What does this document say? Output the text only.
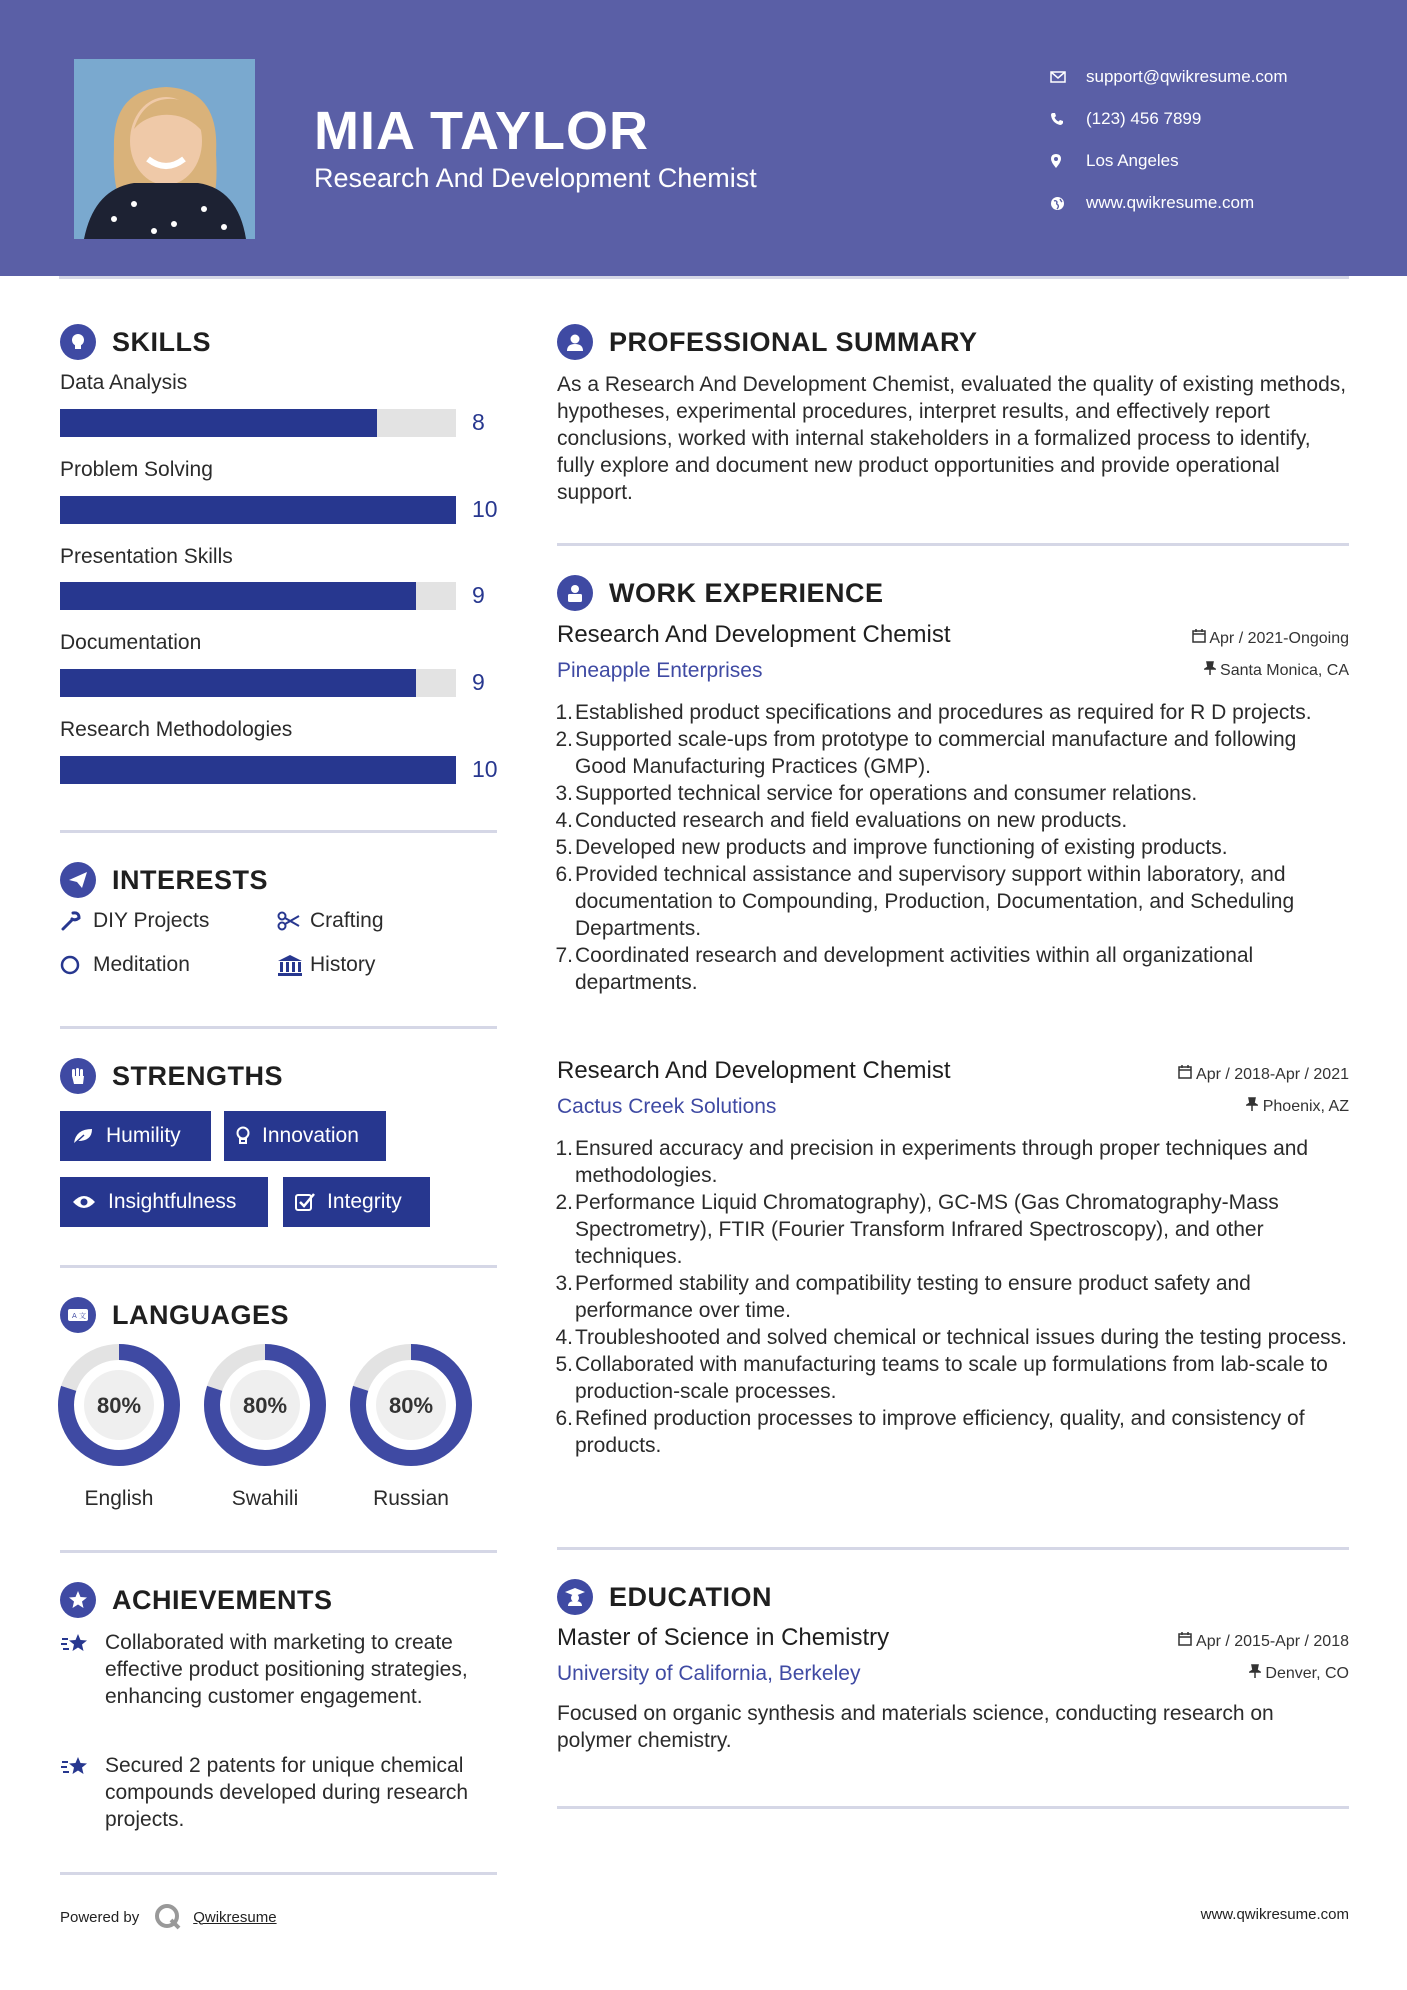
MIA TAYLOR
Research And Development Chemist
support@qwikresume.com
(123) 456 7899
Los Angeles
www.qwikresume.com
SKILLS
Data Analysis
8
Problem Solving
10
Presentation Skills
9
Documentation
9
Research Methodologies
10
INTERESTS
DIY Projects	Crafting
Meditation	History
STRENGTHS
Humility	Innovation
Insightfulness	Integrity
A 文 LANGUAGES
80%
English
80%
Swahili
80%
Russian
ACHIEVEMENTS
Collaborated with marketing to create effective product positioning strategies, enhancing customer engagement.
Secured 2 patents for unique chemical compounds developed during research projects.
PROFESSIONAL SUMMARY
As a Research And Development Chemist, evaluated the quality of existing methods, hypotheses, experimental procedures, interpret results, and effectively report conclusions, worked with internal stakeholders in a formalized process to identify, fully explore and document new product opportunities and provide operational support.
WORK EXPERIENCE
Apr / 2021-Ongoing
Santa Monica, CA
Research And Development Chemist
Pineapple Enterprises
1. Established product specifications and procedures as required for R D projects.
2. Supported scale-ups from prototype to commercial manufacture and following Good Manufacturing Practices (GMP).
3. Supported technical service for operations and consumer relations.
4. Conducted research and field evaluations on new products.
5. Developed new products and improve functioning of existing products.
6. Provided technical assistance and supervisory support within laboratory, and documentation to Compounding, Production, Documentation, and Scheduling Departments.
7. Coordinated research and development activities within all organizational departments.
Apr / 2018-Apr / 2021
Phoenix, AZ
Research And Development Chemist
Cactus Creek Solutions
1. Ensured accuracy and precision in experiments through proper techniques and methodologies.
2. Performance Liquid Chromatography), GC-MS (Gas Chromatography-Mass Spectrometry), FTIR (Fourier Transform Infrared Spectroscopy), and other techniques.
3. Performed stability and compatibility testing to ensure product safety and performance over time.
4. Troubleshooted and solved chemical or technical issues during the testing process.
5. Collaborated with manufacturing teams to scale up formulations from lab-scale to production-scale processes.
6. Refined production processes to improve efficiency, quality, and consistency of products.
EDUCATION
Apr / 2015-Apr / 2018
Denver, CO
Master of Science in Chemistry
University of California, Berkeley
Focused on organic synthesis and materials science, conducting research on polymer chemistry.
Powered by	Qwikresume	www.qwikresume.com
